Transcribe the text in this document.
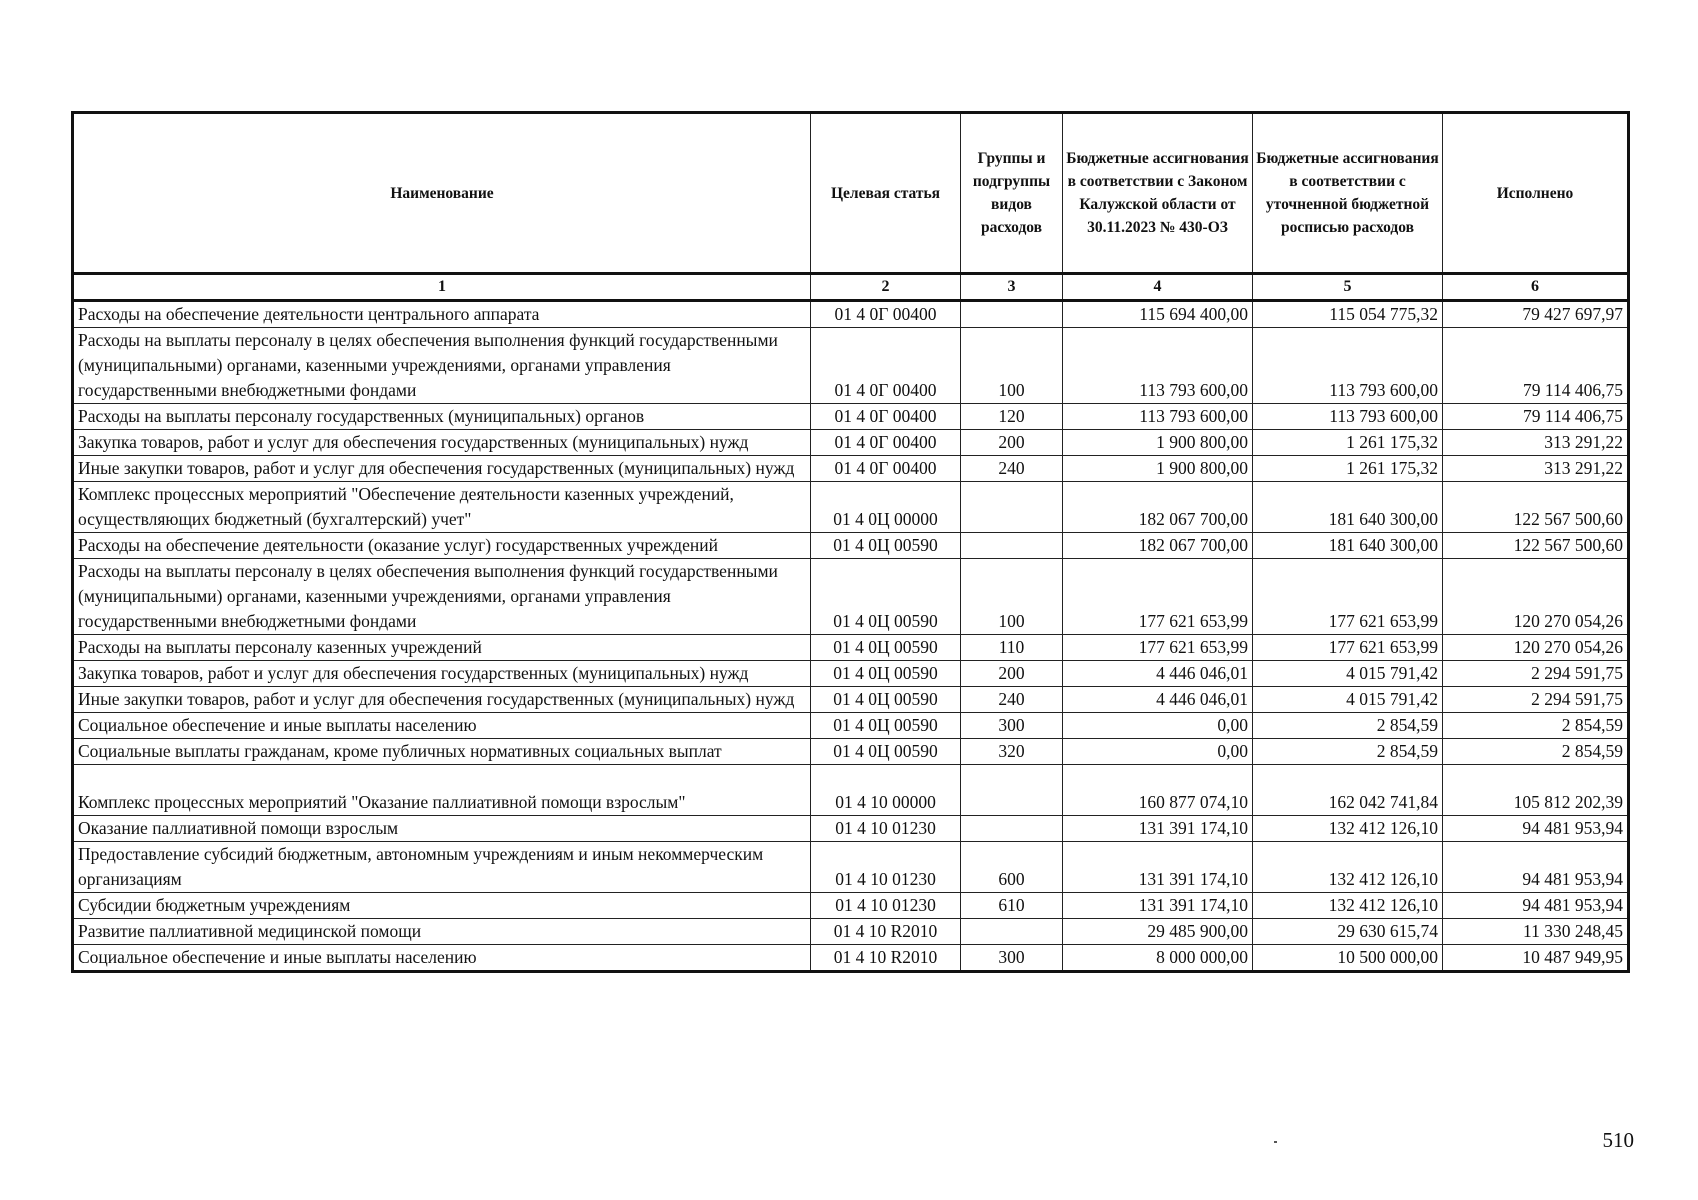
Наименование	Целевая статья	Группы и подгруппы видов расходов	Бюджетные ассигнования в соответствии с Законом Калужской области от 30.11.2023 № 430-ОЗ	Бюджетные ассигнования в соответствии с уточненной бюджетной росписью расходов	Исполнено
1	2	3	4	5	6
Расходы на обеспечение деятельности центрального аппарата	01 4 0Г 00400		115 694 400,00	115 054 775,32	79 427 697,97
Расходы на выплаты персоналу в целях обеспечения выполнения функций государственными (муниципальными) органами, казенными учреждениями, органами управления государственными внебюджетными фондами	01 4 0Г 00400	100	113 793 600,00	113 793 600,00	79 114 406,75
Расходы на выплаты персоналу государственных (муниципальных) органов	01 4 0Г 00400	120	113 793 600,00	113 793 600,00	79 114 406,75
Закупка товаров, работ и услуг для обеспечения государственных (муниципальных) нужд	01 4 0Г 00400	200	1 900 800,00	1 261 175,32	313 291,22
Иные закупки товаров, работ и услуг для обеспечения государственных (муниципальных) нужд	01 4 0Г 00400	240	1 900 800,00	1 261 175,32	313 291,22
Комплекс процессных мероприятий "Обеспечение деятельности казенных учреждений, осуществляющих бюджетный (бухгалтерский) учет"	01 4 0Ц 00000		182 067 700,00	181 640 300,00	122 567 500,60
Расходы на обеспечение деятельности (оказание услуг) государственных учреждений	01 4 0Ц 00590		182 067 700,00	181 640 300,00	122 567 500,60
Расходы на выплаты персоналу в целях обеспечения выполнения функций государственными (муниципальными) органами, казенными учреждениями, органами управления государственными внебюджетными фондами	01 4 0Ц 00590	100	177 621 653,99	177 621 653,99	120 270 054,26
Расходы на выплаты персоналу казенных учреждений	01 4 0Ц 00590	110	177 621 653,99	177 621 653,99	120 270 054,26
Закупка товаров, работ и услуг для обеспечения государственных (муниципальных) нужд	01 4 0Ц 00590	200	4 446 046,01	4 015 791,42	2 294 591,75
Иные закупки товаров, работ и услуг для обеспечения государственных (муниципальных) нужд	01 4 0Ц 00590	240	4 446 046,01	4 015 791,42	2 294 591,75
Социальное обеспечение и иные выплаты населению	01 4 0Ц 00590	300	0,00	2 854,59	2 854,59
Социальные выплаты гражданам, кроме публичных нормативных социальных выплат	01 4 0Ц 00590	320	0,00	2 854,59	2 854,59
Комплекс процессных мероприятий "Оказание паллиативной помощи взрослым"	01 4 10 00000		160 877 074,10	162 042 741,84	105 812 202,39
Оказание паллиативной помощи взрослым	01 4 10 01230		131 391 174,10	132 412 126,10	94 481 953,94
Предоставление субсидий бюджетным, автономным учреждениям и иным некоммерческим организациям	01 4 10 01230	600	131 391 174,10	132 412 126,10	94 481 953,94
Субсидии бюджетным учреждениям	01 4 10 01230	610	131 391 174,10	132 412 126,10	94 481 953,94
Развитие паллиативной медицинской помощи	01 4 10 R2010		29 485 900,00	29 630 615,74	11 330 248,45
Социальное обеспечение и иные выплаты населению	01 4 10 R2010	300	8 000 000,00	10 500 000,00	10 487 949,95
510
